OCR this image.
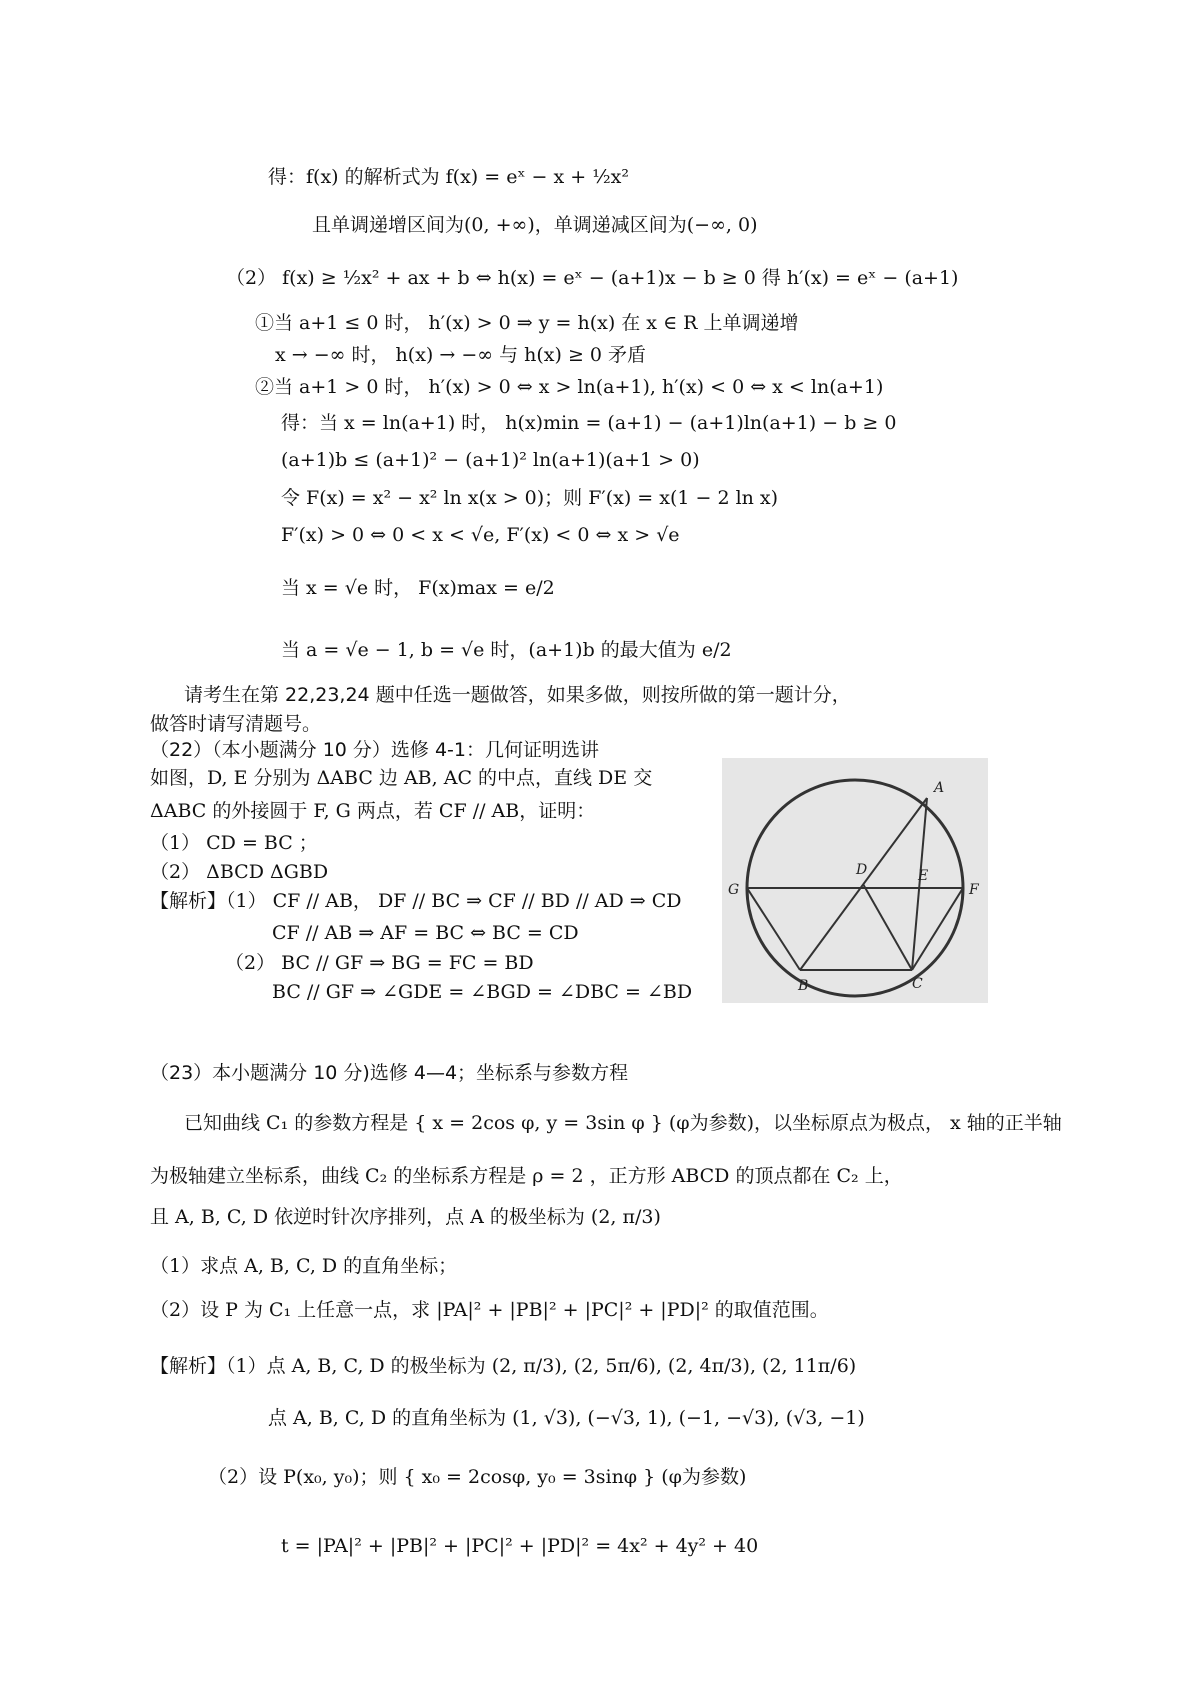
得：f(x) 的解析式为 f(x) = eˣ − x + ½x²
且单调递增区间为(0, +∞)，单调递减区间为(−∞, 0)
（2） f(x) ≥ ½x² + ax + b ⇔ h(x) = eˣ − (a+1)x − b ≥ 0 得 h′(x) = eˣ − (a+1)
①当 a+1 ≤ 0 时， h′(x) > 0 ⇒ y = h(x) 在 x ∈ R 上单调递增
x → −∞ 时， h(x) → −∞ 与 h(x) ≥ 0 矛盾
②当 a+1 > 0 时， h′(x) > 0 ⇔ x > ln(a+1), h′(x) < 0 ⇔ x < ln(a+1)
得：当 x = ln(a+1) 时， h(x)min = (a+1) − (a+1)ln(a+1) − b ≥ 0
(a+1)b ≤ (a+1)² − (a+1)² ln(a+1)(a+1 > 0)
令 F(x) = x² − x² ln x(x > 0)；则 F′(x) = x(1 − 2 ln x)
F′(x) > 0 ⇔ 0 < x < √e, F′(x) < 0 ⇔ x > √e
当 x = √e 时， F(x)max = e/2
当 a = √e − 1, b = √e 时，(a+1)b 的最大值为 e/2
请考生在第 22,23,24 题中任选一题做答，如果多做，则按所做的第一题计分，
做答时请写清题号。
（22）（本小题满分 10 分）选修 4-1：几何证明选讲
如图，D, E 分别为 ΔABC 边 AB, AC 的中点，直线 DE 交
ΔABC 的外接圆于 F, G 两点，若 CF // AB，证明：
（1） CD = BC ；
（2） ΔBCD ΔGBD
【解析】（1） CF // AB， DF // BC ⇒ CF // BD // AD ⇒ CD
CF // AB ⇒ AF = BC ⇔ BC = CD
（2） BC // GF ⇒ BG = FC = BD
BC // GF ⇒ ∠GDE = ∠BGD = ∠DBC = ∠BD
A
D	E
G	F
B	C
（23）本小题满分 10 分)选修 4—4；坐标系与参数方程
已知曲线 C₁ 的参数方程是 { x = 2cos φ, y = 3sin φ } (φ为参数)，以坐标原点为极点， x 轴的正半轴
为极轴建立坐标系，曲线 C₂ 的坐标系方程是 ρ = 2 ，正方形 ABCD 的顶点都在 C₂ 上，
且 A, B, C, D 依逆时针次序排列，点 A 的极坐标为 (2, π/3)
（1）求点 A, B, C, D 的直角坐标；
（2）设 P 为 C₁ 上任意一点，求 |PA|² + |PB|² + |PC|² + |PD|² 的取值范围。
【解析】（1）点 A, B, C, D 的极坐标为 (2, π/3), (2, 5π/6), (2, 4π/3), (2, 11π/6)
点 A, B, C, D 的直角坐标为 (1, √3), (−√3, 1), (−1, −√3), (√3, −1)
（2）设 P(x₀, y₀)；则 { x₀ = 2cosφ, y₀ = 3sinφ } (φ为参数)
t = |PA|² + |PB|² + |PC|² + |PD|² = 4x² + 4y² + 40
